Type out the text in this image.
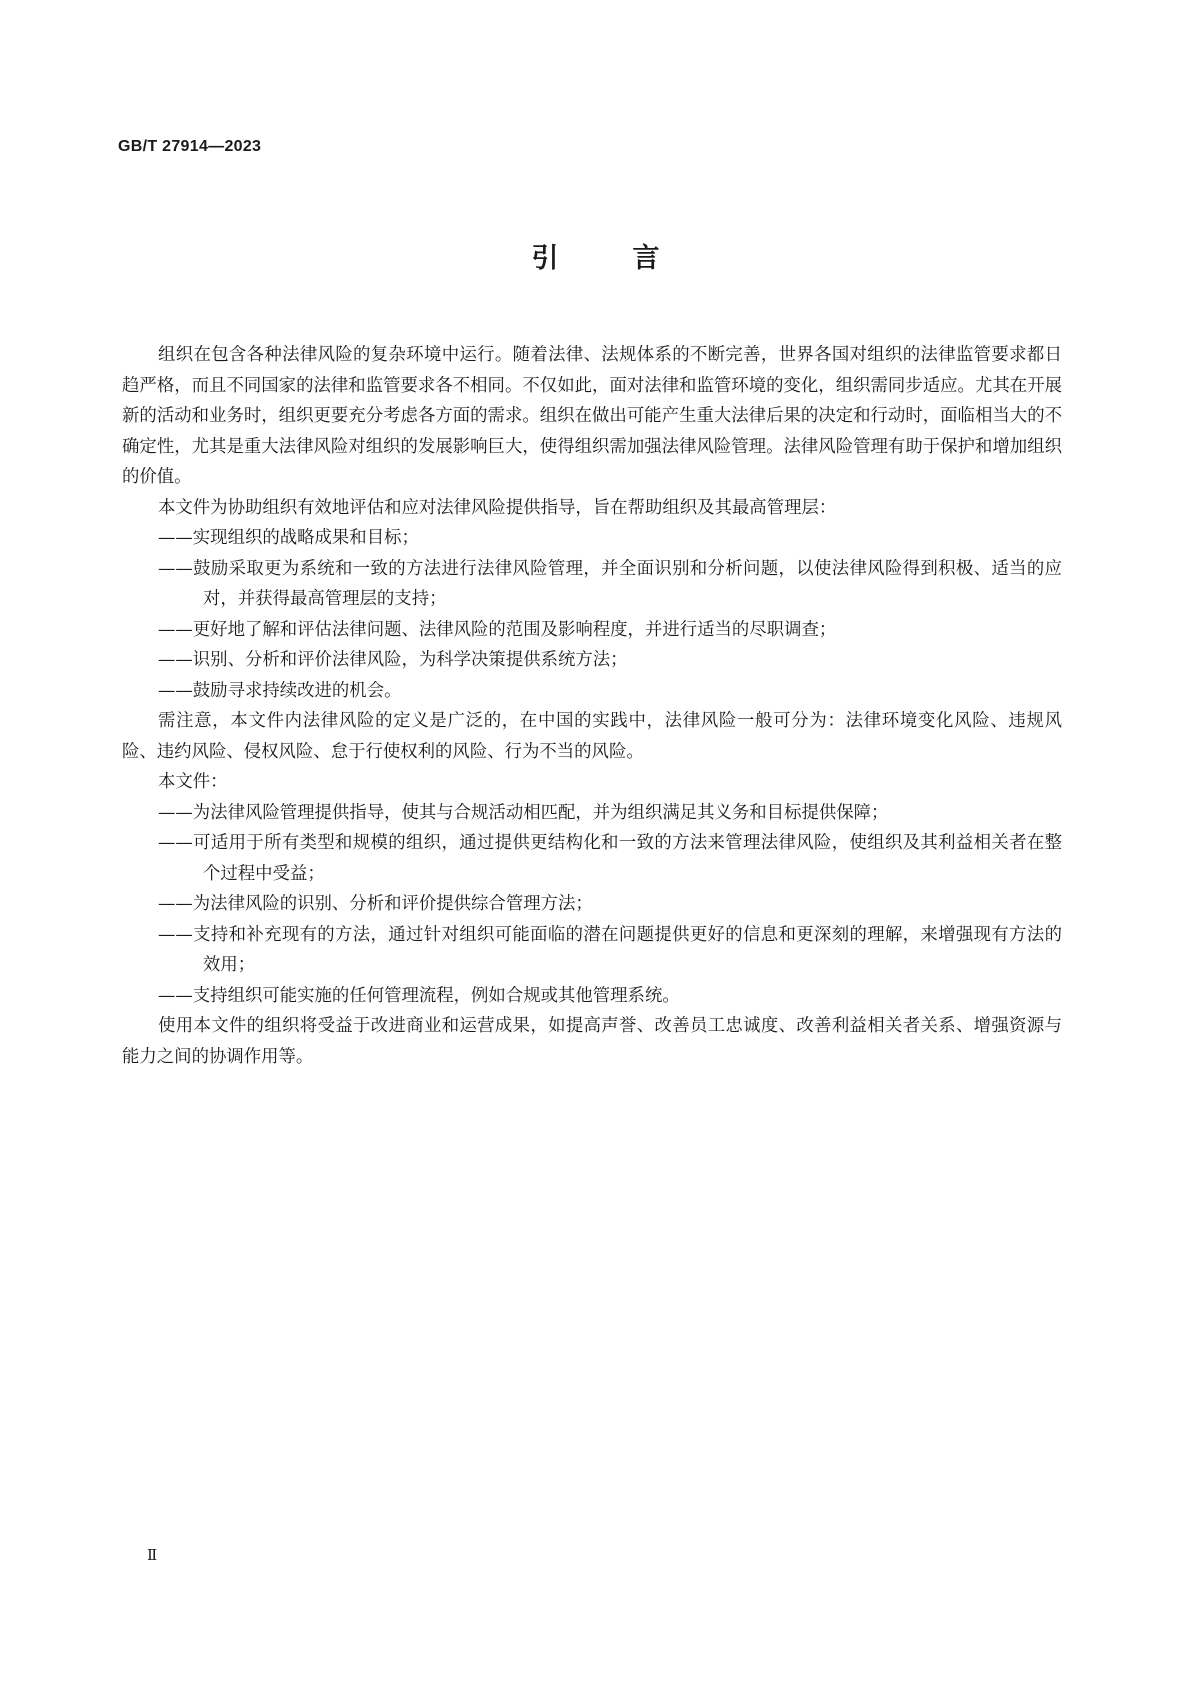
GB/T 27914—2023
引言

组织在包含各种法律风险的复杂环境中运行。随着法律、法规体系的不断完善，世界各国对组织的法律监管要求都日趋严格，而且不同国家的法律和监管要求各不相同。不仅如此，面对法律和监管环境的变化，组织需同步适应。尤其在开展新的活动和业务时，组织更要充分考虑各方面的需求。组织在做出可能产生重大法律后果的决定和行动时，面临相当大的不确定性，尤其是重大法律风险对组织的发展影响巨大，使得组织需加强法律风险管理。法律风险管理有助于保护和增加组织的价值。

本文件为协助组织有效地评估和应对法律风险提供指导，旨在帮助组织及其最高管理层：

——实现组织的战略成果和目标；

——鼓励采取更为系统和一致的方法进行法律风险管理，并全面识别和分析问题，以使法律风险得到积极、适当的应对，并获得最高管理层的支持；

——更好地了解和评估法律问题、法律风险的范围及影响程度，并进行适当的尽职调查；

——识别、分析和评价法律风险，为科学决策提供系统方法；

——鼓励寻求持续改进的机会。

需注意，本文件内法律风险的定义是广泛的，在中国的实践中，法律风险一般可分为：法律环境变化风险、违规风险、违约风险、侵权风险、怠于行使权利的风险、行为不当的风险。

本文件：

——为法律风险管理提供指导，使其与合规活动相匹配，并为组织满足其义务和目标提供保障；

——可适用于所有类型和规模的组织，通过提供更结构化和一致的方法来管理法律风险，使组织及其利益相关者在整个过程中受益；

——为法律风险的识别、分析和评价提供综合管理方法；

——支持和补充现有的方法，通过针对组织可能面临的潜在问题提供更好的信息和更深刻的理解，来增强现有方法的效用；

——支持组织可能实施的任何管理流程，例如合规或其他管理系统。

使用本文件的组织将受益于改进商业和运营成果，如提高声誉、改善员工忠诚度、改善利益相关者关系、增强资源与能力之间的协调作用等。

Ⅱ
